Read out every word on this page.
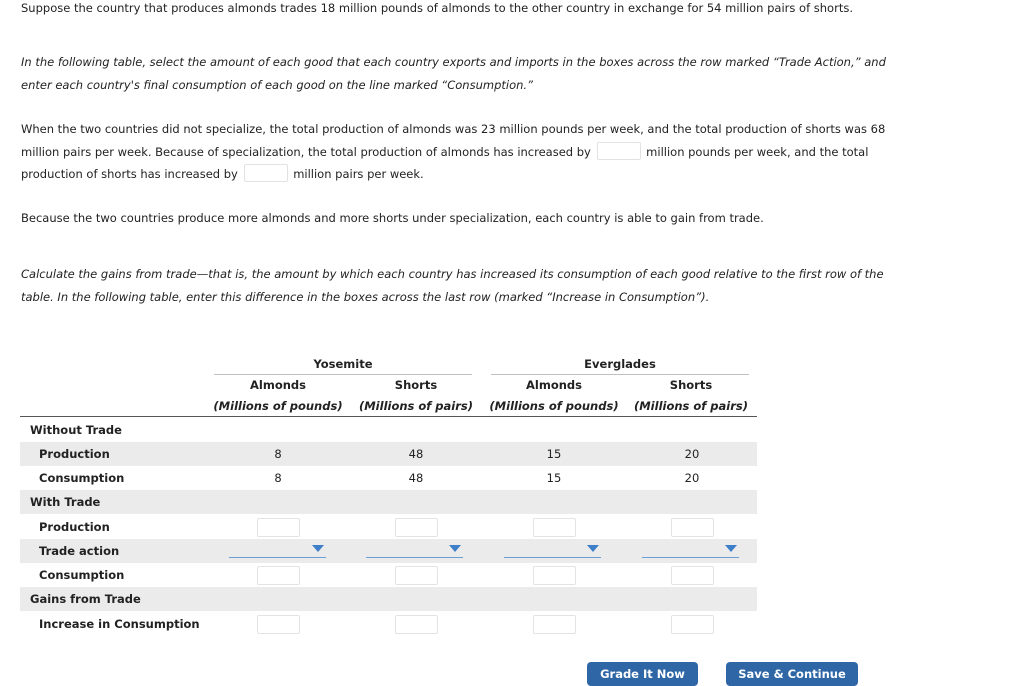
Suppose the country that produces almonds trades 18 million pounds of almonds to the other country in exchange for 54 million pairs of shorts.

In the following table, select the amount of each good that each country exports and imports in the boxes across the row marked “Trade Action,” and enter each country's final consumption of each good on the line marked “Consumption.”

When the two countries did not specialize, the total production of almonds was 23 million pounds per week, and the total production of shorts was 68 million pairs per week. Because of specialization, the total production of almonds has increased by	million pounds per week, and the total production of shorts has increased by	million pairs per week.

Because the two countries produce more almonds and more shorts under specialization, each country is able to gain from trade.

Calculate the gains from trade—that is, the amount by which each country has increased its consumption of each good relative to the first row of the table. In the following table, enter this difference in the boxes across the last row (marked “Increase in Consumption”).

Yosemite	Everglades
Almonds	Shorts	Almonds	Shorts
(Millions of pounds)	(Millions of pairs)	(Millions of pounds)	(Millions of pairs)
Without Trade
Production	8	48	15	20
Consumption	8	48	15	20
With Trade
Production
Trade action
Consumption
Gains from Trade
Increase in Consumption
Grade It Now	Save & Continue
